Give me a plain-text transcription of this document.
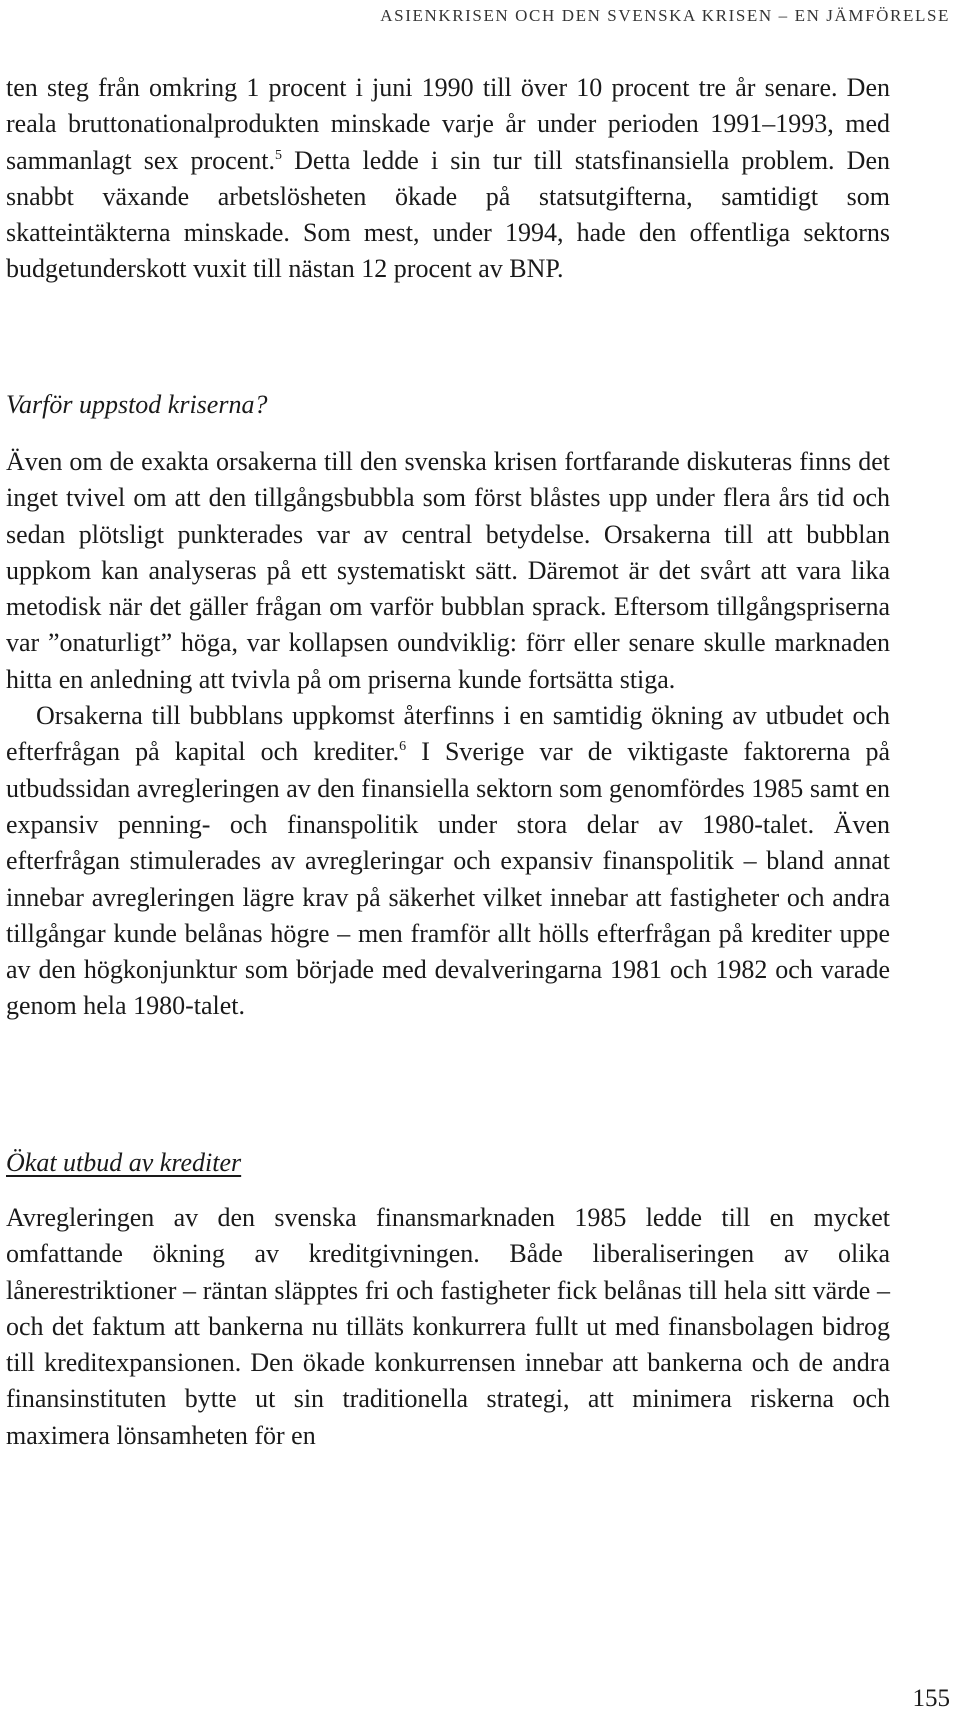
ASIENKRISEN OCH DEN SVENSKA KRISEN – EN JÄMFÖRELSE

ten steg från omkring 1 procent i juni 1990 till över 10 procent tre år senare. Den reala bruttonationalprodukten minskade varje år under perioden 1991–1993, med sammanlagt sex procent.$^5$ Detta ledde i sin tur till statsfinansiella problem. Den snabbt växande arbetslösheten ökade på statsutgifterna, samtidigt som skatteintäkterna minskade. Som mest, under 1994, hade den offentliga sektorns budgetunderskott vuxit till nästan 12 procent av BNP.

Varför uppstod kriserna?

Även om de exakta orsakerna till den svenska krisen fortfarande diskuteras finns det inget tvivel om att den tillgångsbubbla som först blåstes upp under flera års tid och sedan plötsligt punkterades var av central betydelse. Orsakerna till att bubblan uppkom kan analyseras på ett systematiskt sätt. Däremot är det svårt att vara lika metodisk när det gäller frågan om varför bubblan sprack. Eftersom tillgångspriserna var ”onaturligt” höga, var kollapsen oundviklig: förr eller senare skulle marknaden hitta en anledning att tvivla på om priserna kunde fortsätta stiga.

Orsakerna till bubblans uppkomst återfinns i en samtidig ökning av utbudet och efterfrågan på kapital och krediter.$^6$ I Sverige var de viktigaste faktorerna på utbudssidan avregleringen av den finansiella sektorn som genomfördes 1985 samt en expansiv penning- och finanspolitik under stora delar av 1980-talet. Även efterfrågan stimulerades av avregleringar och expansiv finanspolitik – bland annat innebar avregleringen lägre krav på säkerhet vilket innebar att fastigheter och andra tillgångar kunde belånas högre – men framför allt hölls efterfrågan på krediter uppe av den högkonjunktur som började med devalveringarna 1981 och 1982 och varade genom hela 1980-talet.

Ökat utbud av krediter

Avregleringen av den svenska finansmarknaden 1985 ledde till en mycket omfattande ökning av kreditgivningen. Både liberaliseringen av olika lånerestriktioner – räntan släpptes fri och fastigheter fick belånas till hela sitt värde – och det faktum att bankerna nu tilläts konkurrera fullt ut med finansbolagen bidrog till kreditexpansionen. Den ökade konkurrensen innebar att bankerna och de andra finansinstituten bytte ut sin traditionella strategi, att minimera riskerna och maximera lönsamheten för en

155
